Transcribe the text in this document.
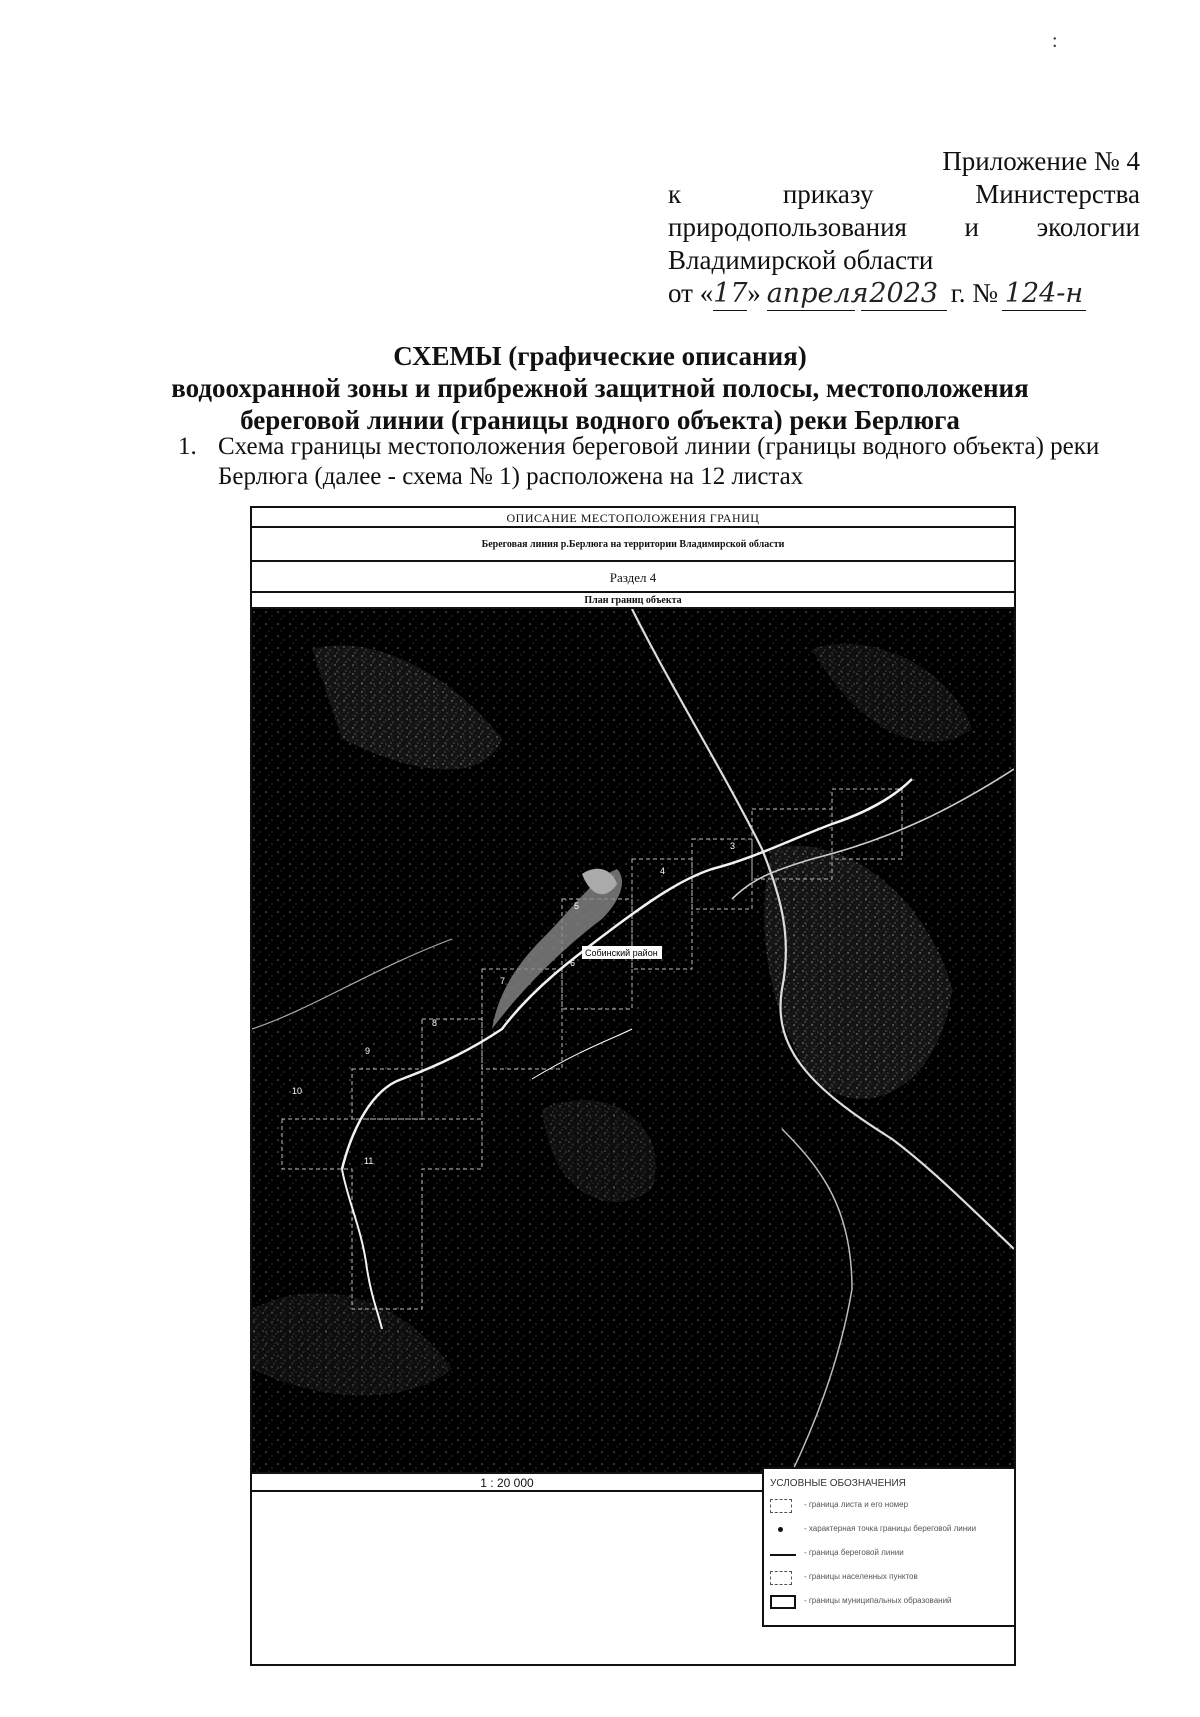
:
Приложение № 4
к	приказу	Министерства
природопользования и экологии
Владимирской области
от « 17 » апреля 2023 г. № 124-н
СХЕМЫ (графические описания)
водоохранной зоны и прибрежной защитной полосы, местоположения
береговой линии (границы водного объекта) реки Берлюга
1. Схема границы местоположения береговой линии (границы водного объекта) реки
Берлюга (далее - схема № 1) расположена на 12 листах
ОПИСАНИЕ МЕСТОПОЛОЖЕНИЯ ГРАНИЦ
Береговая линия р.Берлюга на территории Владимирской области
Раздел 4
План границ объекта
3
4
5
6
7
8
9
10
11
Собинский район
1 : 20 000	УСЛОВНЫЕ ОБОЗНАЧЕНИЯ
- граница листа и его номер
- характерная точка границы береговой линии
- граница береговой линии
- границы населенных пунктов
- границы муниципальных образований
